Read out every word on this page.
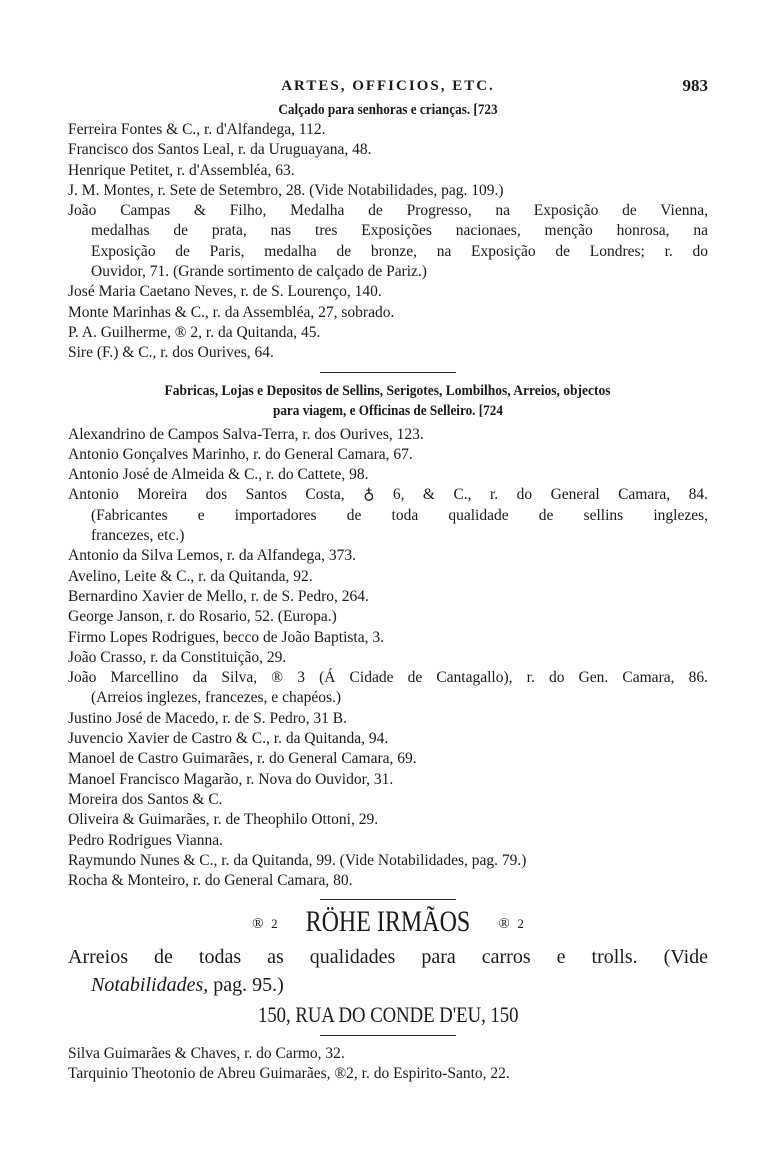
ARTES, OFFICIOS, ETC.	983
Calçado para senhoras e crianças. [723
Ferreira Fontes & C., r. d'Alfandega, 112.
Francisco dos Santos Leal, r. da Uruguayana, 48.
Henrique Petitet, r. d'Assembléa, 63.
J. M. Montes, r. Sete de Setembro, 28. (Vide Notabilidades, pag. 109.)
João Campas & Filho, Medalha de Progresso, na Exposição de Vienna,
medalhas de prata, nas tres Exposições nacionaes, menção honrosa, na
Exposição de Paris, medalha de bronze, na Exposição de Londres; r. do
Ouvidor, 71. (Grande sortimento de calçado de Pariz.)
José Maria Caetano Neves, r. de S. Lourenço, 140.
Monte Marinhas & C., r. da Assembléa, 27, sobrado.
P. A. Guilherme, ® 2, r. da Quitanda, 45.
Sire (F.) & C., r. dos Ourives, 64.
Fabricas, Lojas e Depositos de Sellins, Serigotes, Lombilhos, Arreios, objectos
para viagem, e Officinas de Selleiro. [724
Alexandrino de Campos Salva-Terra, r. dos Ourives, 123.
Antonio Gonçalves Marinho, r. do General Camara, 67.
Antonio José de Almeida & C., r. do Cattete, 98.
Antonio Moreira dos Santos Costa, ♁ 6, & C., r. do General Camara, 84.
(Fabricantes e importadores de toda qualidade de sellins inglezes,
francezes, etc.)
Antonio da Silva Lemos, r. da Alfandega, 373.
Avelino, Leite & C., r. da Quitanda, 92.
Bernardino Xavier de Mello, r. de S. Pedro, 264.
George Janson, r. do Rosario, 52. (Europa.)
Firmo Lopes Rodrigues, becco de João Baptista, 3.
João Crasso, r. da Constituição, 29.
João Marcellino da Silva, ® 3 (Á Cidade de Cantagallo), r. do Gen. Camara, 86.
(Arreios inglezes, francezes, e chapéos.)
Justino José de Macedo, r. de S. Pedro, 31 B.
Juvencio Xavier de Castro & C., r. da Quitanda, 94.
Manoel de Castro Guimarães, r. do General Camara, 69.
Manoel Francisco Magarão, r. Nova do Ouvidor, 31.
Moreira dos Santos & C.
Oliveira & Guimarães, r. de Theophilo Ottoni, 29.
Pedro Rodrigues Vianna.
Raymundo Nunes & C., r. da Quitanda, 99. (Vide Notabilidades, pag. 79.)
Rocha & Monteiro, r. do General Camara, 80.
® 2 RÖHE IRMÃOS ® 2
Arreios de todas as qualidades para carros e trolls. (Vide
Notabilidades, pag. 95.)
150, RUA DO CONDE D'EU, 150
Silva Guimarães & Chaves, r. do Carmo, 32.
Tarquinio Theotonio de Abreu Guimarães, ®2, r. do Espirito-Santo, 22.
